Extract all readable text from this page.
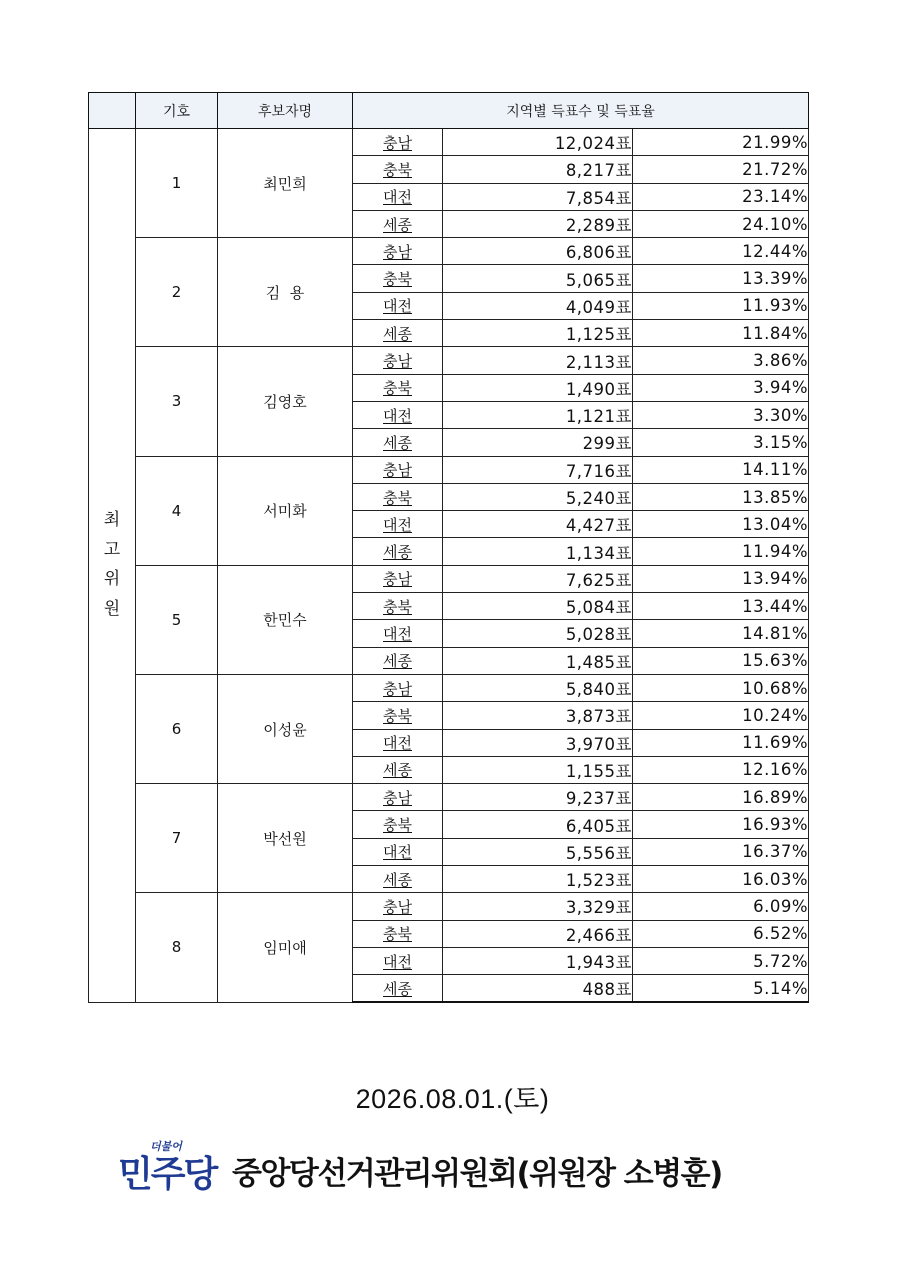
	기호	후보자명	지역별 득표수 및 득표율		

최
고
위
원	1	최민희	충남	12,024표	21.99%
			충북	8,217표	21.72%
			대전	7,854표	23.14%
			세종	2,289표	24.10%
	2	김  용	충남	6,806표	12.44%
			충북	5,065표	13.39%
			대전	4,049표	11.93%
			세종	1,125표	11.84%
	3	김영호	충남	2,113표	3.86%
			충북	1,490표	3.94%
			대전	1,121표	3.30%
			세종	299표	3.15%
	4	서미화	충남	7,716표	14.11%
			충북	5,240표	13.85%
			대전	4,427표	13.04%
			세종	1,134표	11.94%
	5	한민수	충남	7,625표	13.94%
			충북	5,084표	13.44%
			대전	5,028표	14.81%
			세종	1,485표	15.63%
	6	이성윤	충남	5,840표	10.68%
			충북	3,873표	10.24%
			대전	3,970표	11.69%
			세종	1,155표	12.16%
	7	박선원	충남	9,237표	16.89%
			충북	6,405표	16.93%
			대전	5,556표	16.37%
			세종	1,523표	16.03%
	8	임미애	충남	3,329표	6.09%
			충북	2,466표	6.52%
			대전	1,943표	5.72%
			세종	488표	5.14%
2026.08.01.(토)
더불어
민주당 중앙당선거관리위원회(위원장 소병훈)
